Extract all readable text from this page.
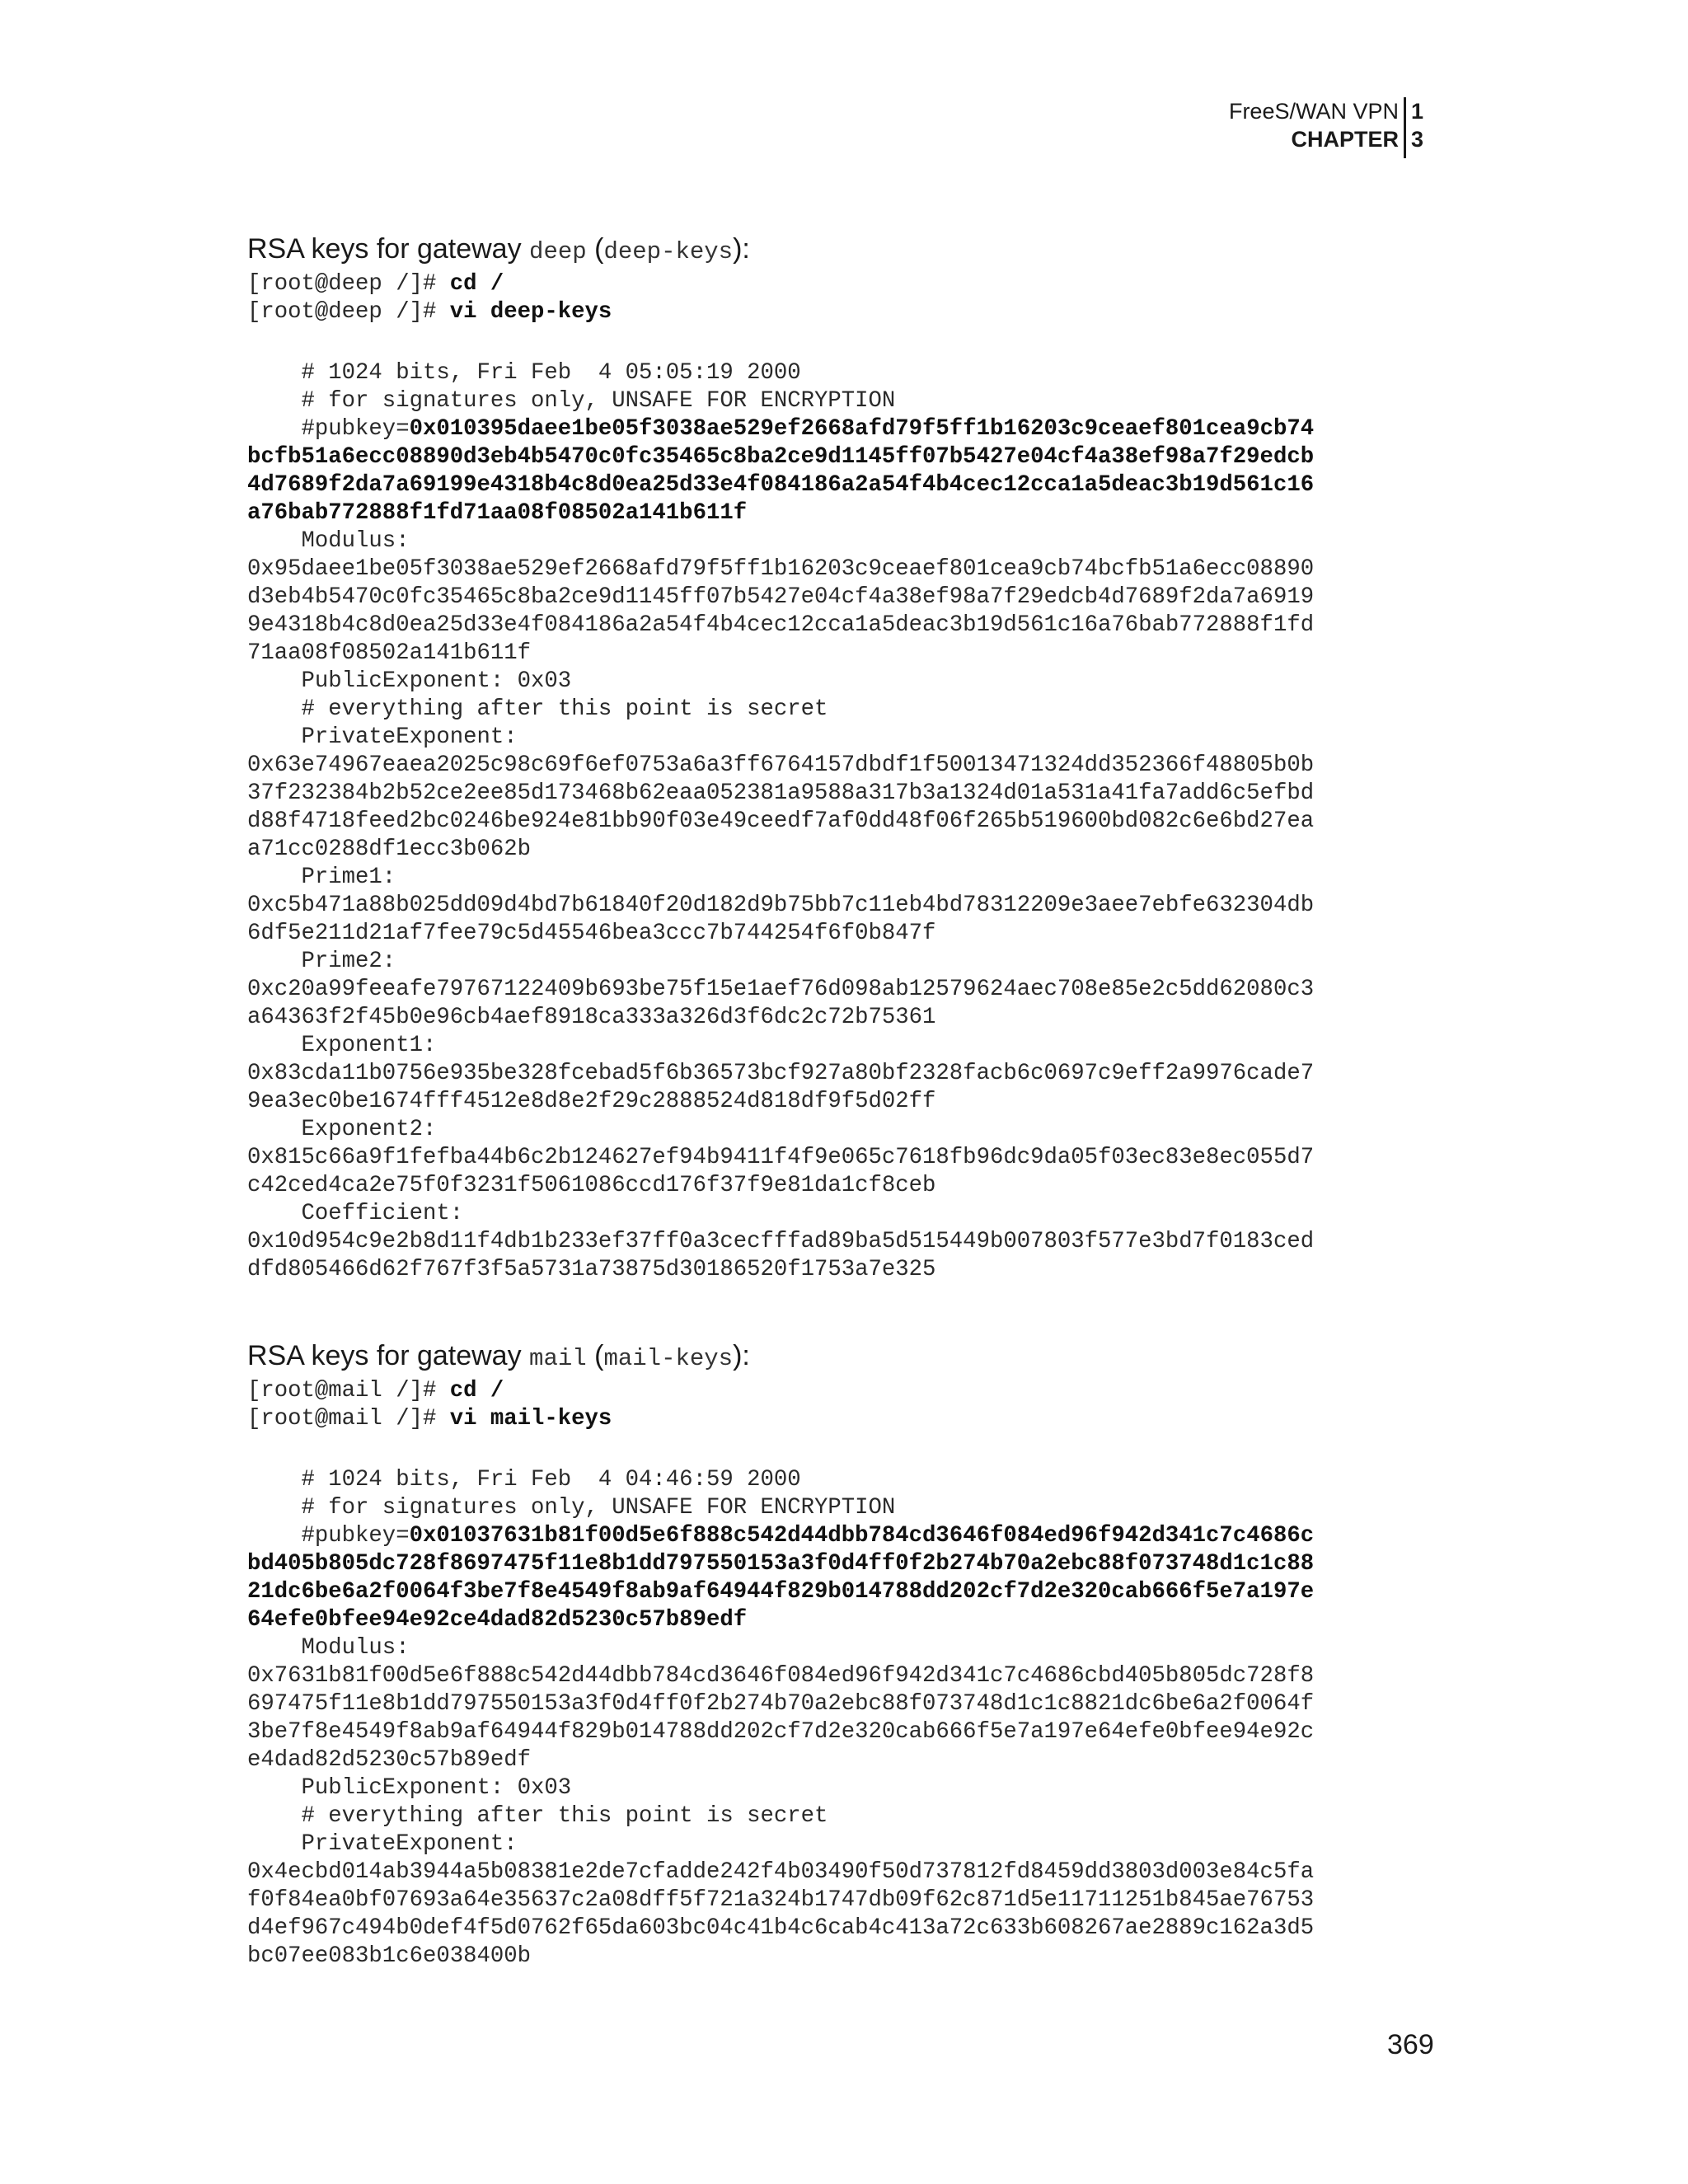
FreeS/WAN VPN 1
CHAPTER 3
RSA keys for gateway deep (deep-keys):
[root@deep /]# cd /
[root@deep /]# vi deep-keys
# 1024 bits, Fri Feb  4 05:05:19 2000
# for signatures only, UNSAFE FOR ENCRYPTION
#pubkey=0x010395daee1be05f3038ae529ef2668afd79f5ff1b16203c9ceaef801cea9cb74
bcfb51a6ecc08890d3eb4b5470c0fc35465c8ba2ce9d1145ff07b5427e04cf4a38ef98a7f29edcb
4d7689f2da7a69199e4318b4c8d0ea25d33e4f084186a2a54f4b4cec12cca1a5deac3b19d561c16
a76bab772888f1fd71aa08f08502a141b611f
Modulus:
0x95daee1be05f3038ae529ef2668afd79f5ff1b16203c9ceaef801cea9cb74bcfb51a6ecc08890
d3eb4b5470c0fc35465c8ba2ce9d1145ff07b5427e04cf4a38ef98a7f29edcb4d7689f2da7a6919
9e4318b4c8d0ea25d33e4f084186a2a54f4b4cec12cca1a5deac3b19d561c16a76bab772888f1fd
71aa08f08502a141b611f
PublicExponent: 0x03
# everything after this point is secret
PrivateExponent:
0x63e74967eaea2025c98c69f6ef0753a6a3ff6764157dbdf1f50013471324dd352366f48805b0b
37f232384b2b52ce2ee85d173468b62eaa052381a9588a317b3a1324d01a531a41fa7add6c5efbd
d88f4718feed2bc0246be924e81bb90f03e49ceedf7af0dd48f06f265b519600bd082c6e6bd27ea
a71cc0288df1ecc3b062b
Prime1:
0xc5b471a88b025dd09d4bd7b61840f20d182d9b75bb7c11eb4bd78312209e3aee7ebfe632304db
6df5e211d21af7fee79c5d45546bea3ccc7b744254f6f0b847f
Prime2:
0xc20a99feeafe79767122409b693be75f15e1aef76d098ab12579624aec708e85e2c5dd62080c3
a64363f2f45b0e96cb4aef8918ca333a326d3f6dc2c72b75361
Exponent1:
0x83cda11b0756e935be328fcebad5f6b36573bcf927a80bf2328facb6c0697c9eff2a9976cade7
9ea3ec0be1674fff4512e8d8e2f29c2888524d818df9f5d02ff
Exponent2:
0x815c66a9f1fefba44b6c2b124627ef94b9411f4f9e065c7618fb96dc9da05f03ec83e8ec055d7
c42ced4ca2e75f0f3231f5061086ccd176f37f9e81da1cf8ceb
Coefficient:
0x10d954c9e2b8d11f4db1b233ef37ff0a3cecfffad89ba5d515449b007803f577e3bd7f0183ced
dfd805466d62f767f3f5a5731a73875d30186520f1753a7e325
RSA keys for gateway mail (mail-keys):
[root@mail /]# cd /
[root@mail /]# vi mail-keys
# 1024 bits, Fri Feb  4 04:46:59 2000
# for signatures only, UNSAFE FOR ENCRYPTION
#pubkey=0x01037631b81f00d5e6f888c542d44dbb784cd3646f084ed96f942d341c7c4686c
bd405b805dc728f8697475f11e8b1dd797550153a3f0d4ff0f2b274b70a2ebc88f073748d1c1c88
21dc6be6a2f0064f3be7f8e4549f8ab9af64944f829b014788dd202cf7d2e320cab666f5e7a197e
64efe0bfee94e92ce4dad82d5230c57b89edf
Modulus:
0x7631b81f00d5e6f888c542d44dbb784cd3646f084ed96f942d341c7c4686cbd405b805dc728f8
697475f11e8b1dd797550153a3f0d4ff0f2b274b70a2ebc88f073748d1c1c8821dc6be6a2f0064f
3be7f8e4549f8ab9af64944f829b014788dd202cf7d2e320cab666f5e7a197e64efe0bfee94e92c
e4dad82d5230c57b89edf
PublicExponent: 0x03
# everything after this point is secret
PrivateExponent:
0x4ecbd014ab3944a5b08381e2de7cfadde242f4b03490f50d737812fd8459dd3803d003e84c5fa
f0f84ea0bf07693a64e35637c2a08dff5f721a324b1747db09f62c871d5e11711251b845ae76753
d4ef967c494b0def4f5d0762f65da603bc04c41b4c6cab4c413a72c633b608267ae2889c162a3d5
bc07ee083b1c6e038400b
369
